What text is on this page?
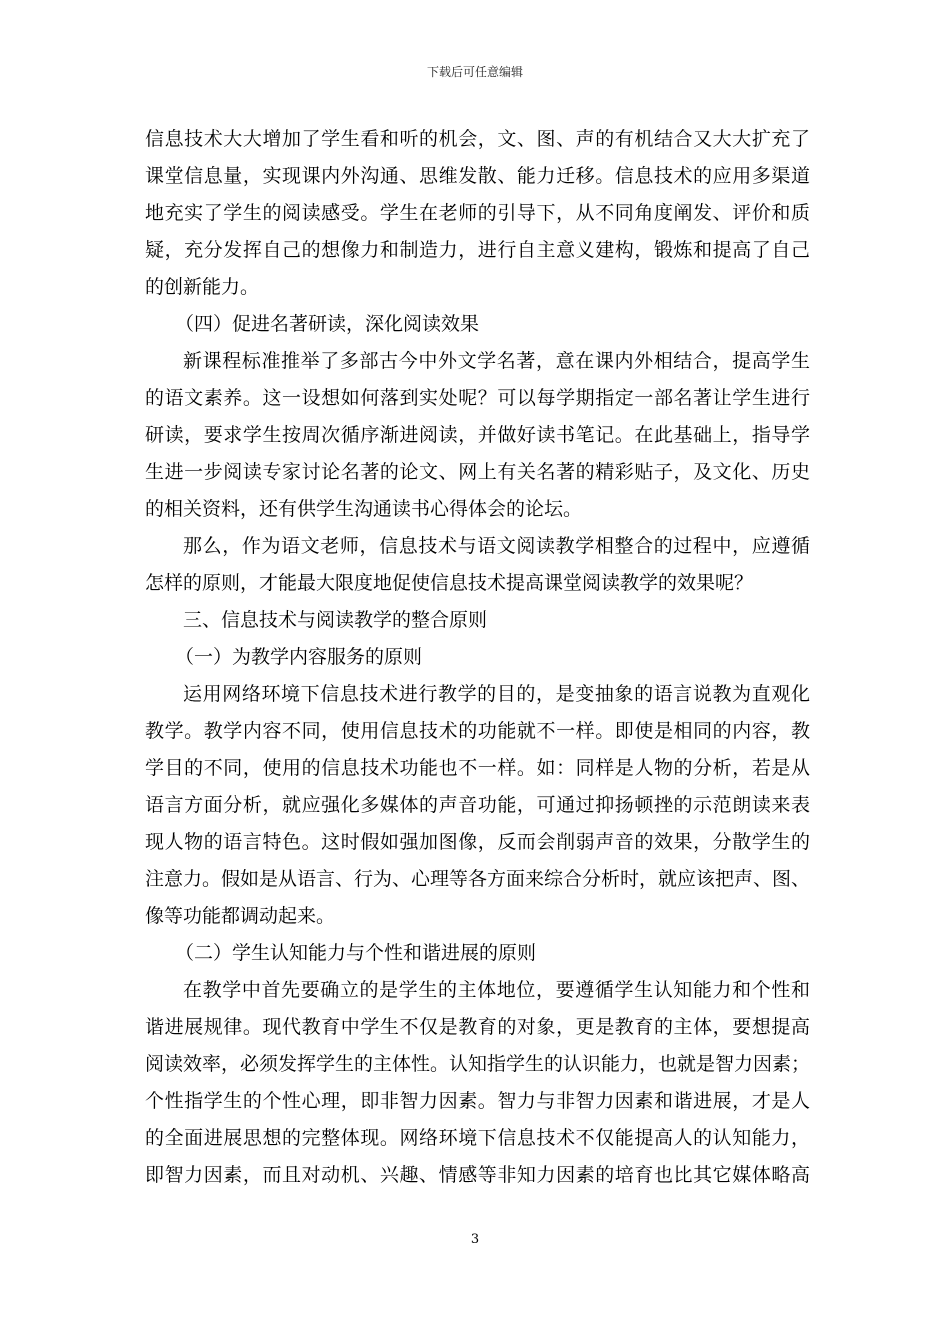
下载后可任意编辑
信息技术大大增加了学生看和听的机会，文、图、声的有机结合又大大扩充了
课堂信息量，实现课内外沟通、思维发散、能力迁移。信息技术的应用多渠道
地充实了学生的阅读感受。学生在老师的引导下，从不同角度阐发、评价和质
疑，充分发挥自己的想像力和制造力，进行自主意义建构，锻炼和提高了自己
的创新能力。
（四）促进名著研读，深化阅读效果
新课程标准推举了多部古今中外文学名著，意在课内外相结合，提高学生
的语文素养。这一设想如何落到实处呢？可以每学期指定一部名著让学生进行
研读，要求学生按周次循序渐进阅读，并做好读书笔记。在此基础上，指导学
生进一步阅读专家讨论名著的论文、网上有关名著的精彩贴子，及文化、历史
的相关资料，还有供学生沟通读书心得体会的论坛。
那么，作为语文老师，信息技术与语文阅读教学相整合的过程中，应遵循
怎样的原则，才能最大限度地促使信息技术提高课堂阅读教学的效果呢？
三、信息技术与阅读教学的整合原则
（一）为教学内容服务的原则
运用网络环境下信息技术进行教学的目的，是变抽象的语言说教为直观化
教学。教学内容不同，使用信息技术的功能就不一样。即使是相同的内容，教
学目的不同，使用的信息技术功能也不一样。如：同样是人物的分析，若是从
语言方面分析，就应强化多媒体的声音功能，可通过抑扬顿挫的示范朗读来表
现人物的语言特色。这时假如强加图像，反而会削弱声音的效果，分散学生的
注意力。假如是从语言、行为、心理等各方面来综合分析时，就应该把声、图、
像等功能都调动起来。
（二）学生认知能力与个性和谐进展的原则
在教学中首先要确立的是学生的主体地位，要遵循学生认知能力和个性和
谐进展规律。现代教育中学生不仅是教育的对象，更是教育的主体，要想提高
阅读效率，必须发挥学生的主体性。认知指学生的认识能力，也就是智力因素；
个性指学生的个性心理，即非智力因素。智力与非智力因素和谐进展，才是人
的全面进展思想的完整体现。网络环境下信息技术不仅能提高人的认知能力，
即智力因素，而且对动机、兴趣、情感等非知力因素的培育也比其它媒体略高
3
